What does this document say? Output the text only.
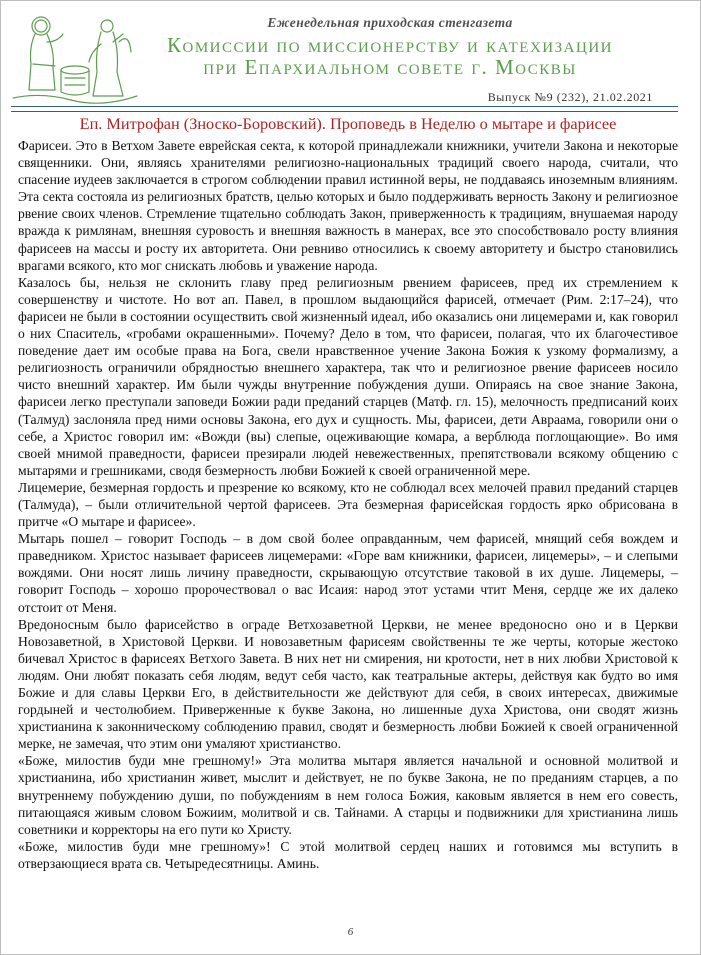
Еженедельная приходская стенгазета
Комиссии по миссионерству и катехизации
при Епархиальном совете г. Москвы
Выпуск №9 (232), 21.02.2021
Еп. Митрофан (Зноско-Боровский). Проповедь в Неделю о мытаре и фарисее

Фарисеи. Это в Ветхом Завете еврейская секта, к которой принадлежали книжники, учители Закона и некоторые священники. Они, являясь хранителями религиозно-национальных традиций своего народа, считали, что спасение иудеев заключается в строгом соблюдении правил истинной веры, не поддаваясь иноземным влияниям. Эта секта состояла из религиозных братств, целью которых и было поддерживать верность Закону и религиозное рвение своих членов. Стремление тщательно соблюдать Закон, приверженность к традициям, внушаемая народу вражда к римлянам, внешняя суровость и внешняя важность в манерах, все это способствовало росту влияния фарисеев на массы и росту их авторитета. Они ревниво относились к своему авторитету и быстро становились врагами всякого, кто мог снискать любовь и уважение народа.

Казалось бы, нельзя не склонить главу пред религиозным рвением фарисеев, пред их стремлением к совершенству и чистоте. Но вот ап. Павел, в прошлом выдающийся фарисей, отмечает (Рим. 2:17–24), что фарисеи не были в состоянии осуществить свой жизненный идеал, ибо оказались они лицемерами и, как говорил о них Спаситель, «гробами окрашенными». Почему? Дело в том, что фарисеи, полагая, что их благочестивое поведение дает им особые права на Бога, свели нравственное учение Закона Божия к узкому формализму, а религиозность ограничили обрядностью внешнего характера, так что и религиозное рвение фарисеев носило чисто внешний характер. Им были чужды внутренние побуждения души. Опираясь на свое знание Закона, фарисеи легко преступали заповеди Божии ради преданий старцев (Матф. гл. 15), мелочность предписаний коих (Талмуд) заслоняла пред ними основы Закона, его дух и сущность. Мы, фарисеи, дети Авраама, говорили они о себе, а Христос говорил им: «Вожди (вы) слепые, оцеживающие комара, а верблюда поглощающие». Во имя своей мнимой праведности, фарисеи презирали людей невежественных, препятствовали всякому общению с мытарями и грешниками, сводя безмерность любви Божией к своей ограниченной мере.

Лицемерие, безмерная гордость и презрение ко всякому, кто не соблюдал всех мелочей правил преданий старцев (Талмуда), – были отличительной чертой фарисеев. Эта безмерная фарисейская гордость ярко обрисована в притче «О мытаре и фарисее».

Мытарь пошел – говорит Господь – в дом свой более оправданным, чем фарисей, мнящий себя вождем и праведником. Христос называет фарисеев лицемерами: «Горе вам книжники, фарисеи, лицемеры», – и слепыми вождями. Они носят лишь личину праведности, скрывающую отсутствие таковой в их душе. Лицемеры, – говорит Господь – хорошо пророчествовал о вас Исаия: народ этот устами чтит Меня, сердце же их далеко отстоит от Меня.

Вредоносным было фарисейство в ограде Ветхозаветной Церкви, не менее вредоносно оно и в Церкви Новозаветной, в Христовой Церкви. И новозаветным фарисеям свойственны те же черты, которые жестоко бичевал Христос в фарисеях Ветхого Завета. В них нет ни смирения, ни кротости, нет в них любви Христовой к людям. Они любят показать себя людям, ведут себя часто, как театральные актеры, действуя как будто во имя Божие и для славы Церкви Его, в действительности же действуют для себя, в своих интересах, движимые гордыней и честолюбием. Приверженные к букве Закона, но лишенные духа Христова, они сводят жизнь христианина к законническому соблюдению правил, сводят и безмерность любви Божией к своей ограниченной мерке, не замечая, что этим они умаляют христианство.

«Боже, милостив буди мне грешному!» Эта молитва мытаря является начальной и основной молитвой и христианина, ибо христианин живет, мыслит и действует, не по букве Закона, не по преданиям старцев, а по внутреннему побуждению души, по побуждениям в нем голоса Божия, каковым является в нем его совесть, питающаяся живым словом Божиим, молитвой и св. Тайнами. А старцы и подвижники для христианина лишь советники и корректоры на его пути ко Христу.

«Боже, милостив буди мне грешному»! С этой молитвой сердец наших и готовимся мы вступить в отверзающиеся врата св. Четыредесятницы. Аминь.

6
